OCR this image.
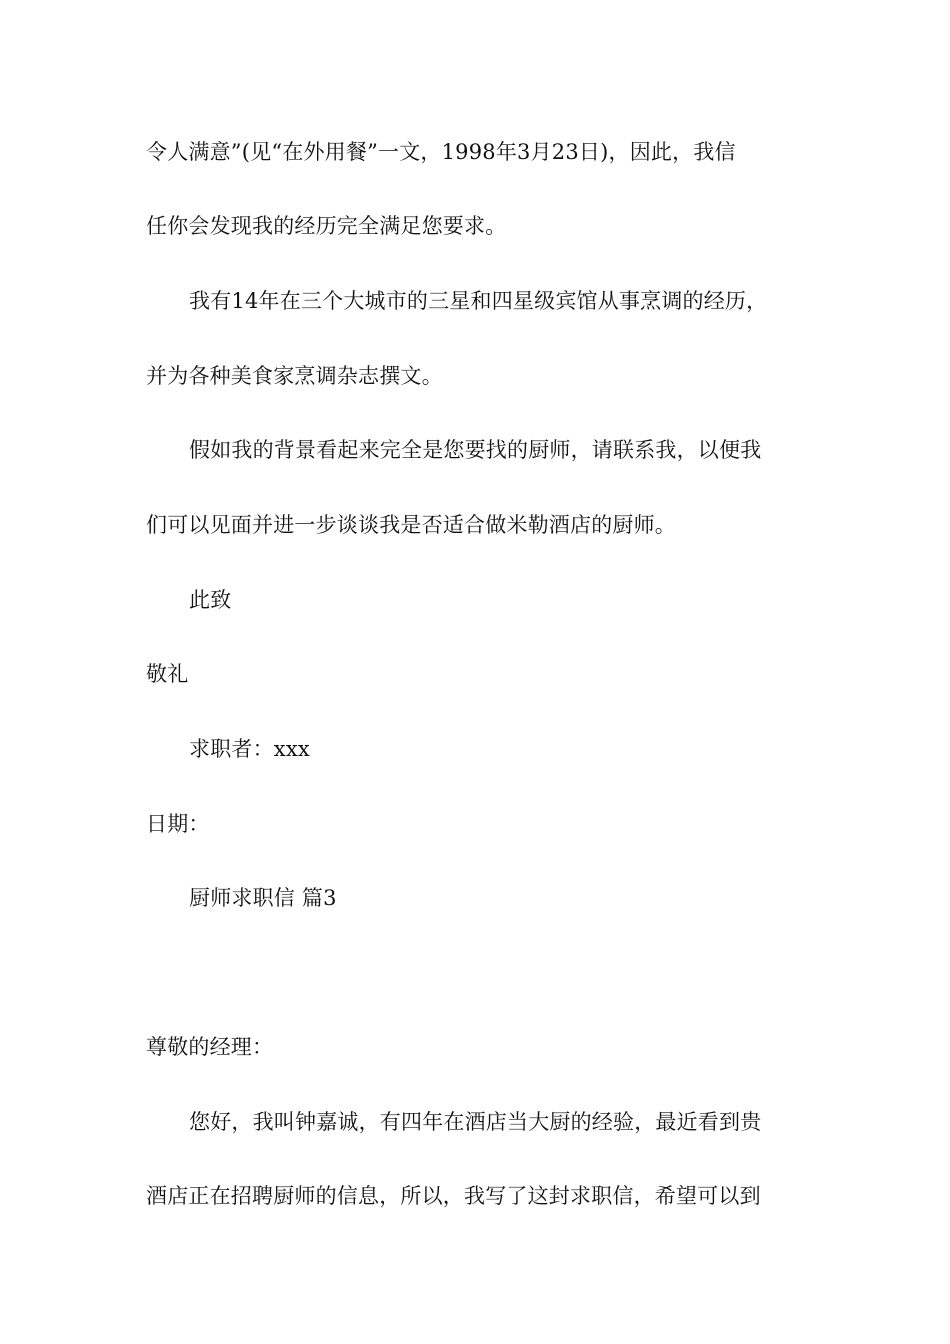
令人满意”(见“在外用餐”一文，1998年3月23日)，因此，我信
任你会发现我的经历完全满足您要求。
我有14年在三个大城市的三星和四星级宾馆从事烹调的经历，
并为各种美食家烹调杂志撰文。
假如我的背景看起来完全是您要找的厨师，请联系我，以便我
们可以见面并进一步谈谈我是否适合做米勒酒店的厨师。
此致
敬礼
求职者：xxx
日期：
厨师求职信 篇3
尊敬的经理：
您好，我叫钟嘉诚，有四年在酒店当大厨的经验，最近看到贵
酒店正在招聘厨师的信息，所以，我写了这封求职信，希望可以到
